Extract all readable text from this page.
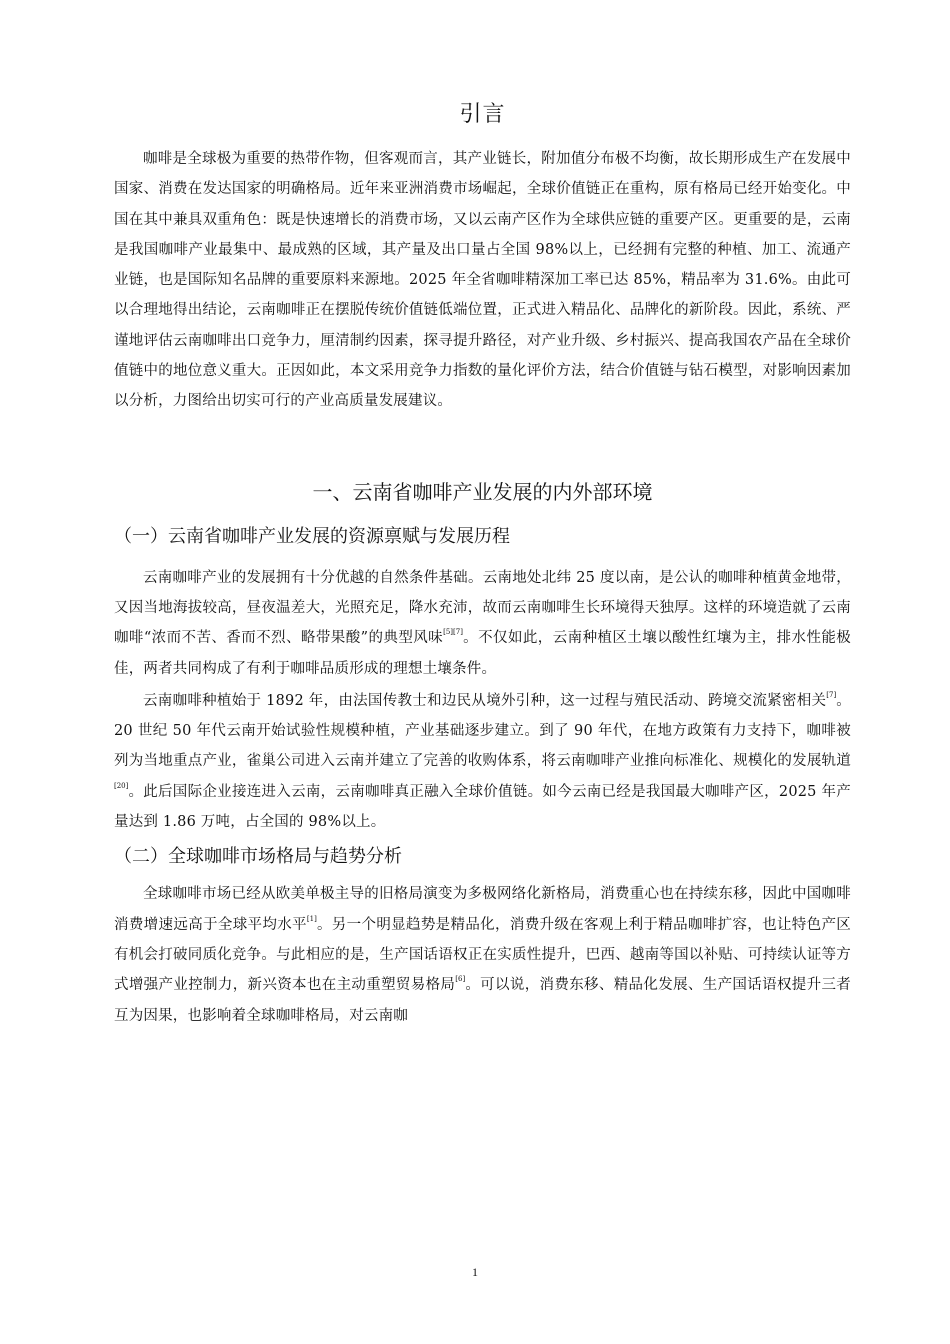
引言

咖啡是全球极为重要的热带作物，但客观而言，其产业链长，附加值分布极不均衡，故长期形成生产在发展中国家、消费在发达国家的明确格局。近年来亚洲消费市场崛起，全球价值链正在重构，原有格局已经开始变化。中国在其中兼具双重角色：既是快速增长的消费市场，又以云南产区作为全球供应链的重要产区。更重要的是，云南是我国咖啡产业最集中、最成熟的区域，其产量及出口量占全国 98%以上，已经拥有完整的种植、加工、流通产业链，也是国际知名品牌的重要原料来源地。2025 年全省咖啡精深加工率已达 85%，精品率为 31.6%。由此可以合理地得出结论，云南咖啡正在摆脱传统价值链低端位置，正式进入精品化、品牌化的新阶段。因此，系统、严谨地评估云南咖啡出口竞争力，厘清制约因素，探寻提升路径，对产业升级、乡村振兴、提高我国农产品在全球价值链中的地位意义重大。正因如此，本文采用竞争力指数的量化评价方法，结合价值链与钻石模型，对影响因素加以分析，力图给出切实可行的产业高质量发展建议。

一、云南省咖啡产业发展的内外部环境
（一）云南省咖啡产业发展的资源禀赋与发展历程

云南咖啡产业的发展拥有十分优越的自然条件基础。云南地处北纬 25 度以南，是公认的咖啡种植黄金地带，又因当地海拔较高，昼夜温差大，光照充足，降水充沛，故而云南咖啡生长环境得天独厚。这样的环境造就了云南咖啡“浓而不苦、香而不烈、略带果酸”的典型风味[5][7]。不仅如此，云南种植区土壤以酸性红壤为主，排水性能极佳，两者共同构成了有利于咖啡品质形成的理想土壤条件。

云南咖啡种植始于 1892 年，由法国传教士和边民从境外引种，这一过程与殖民活动、跨境交流紧密相关[7]。20 世纪 50 年代云南开始试验性规模种植，产业基础逐步建立。到了 90 年代，在地方政策有力支持下，咖啡被列为当地重点产业，雀巢公司进入云南并建立了完善的收购体系，将云南咖啡产业推向标准化、规模化的发展轨道[20]。此后国际企业接连进入云南，云南咖啡真正融入全球价值链。如今云南已经是我国最大咖啡产区，2025 年产量达到 1.86 万吨，占全国的 98%以上。

（二）全球咖啡市场格局与趋势分析

全球咖啡市场已经从欧美单极主导的旧格局演变为多极网络化新格局，消费重心也在持续东移，因此中国咖啡消费增速远高于全球平均水平[1]。另一个明显趋势是精品化，消费升级在客观上利于精品咖啡扩容，也让特色产区有机会打破同质化竞争。与此相应的是，生产国话语权正在实质性提升，巴西、越南等国以补贴、可持续认证等方式增强产业控制力，新兴资本也在主动重塑贸易格局[6]。可以说，消费东移、精品化发展、生产国话语权提升三者互为因果，也影响着全球咖啡格局，对云南咖

1
